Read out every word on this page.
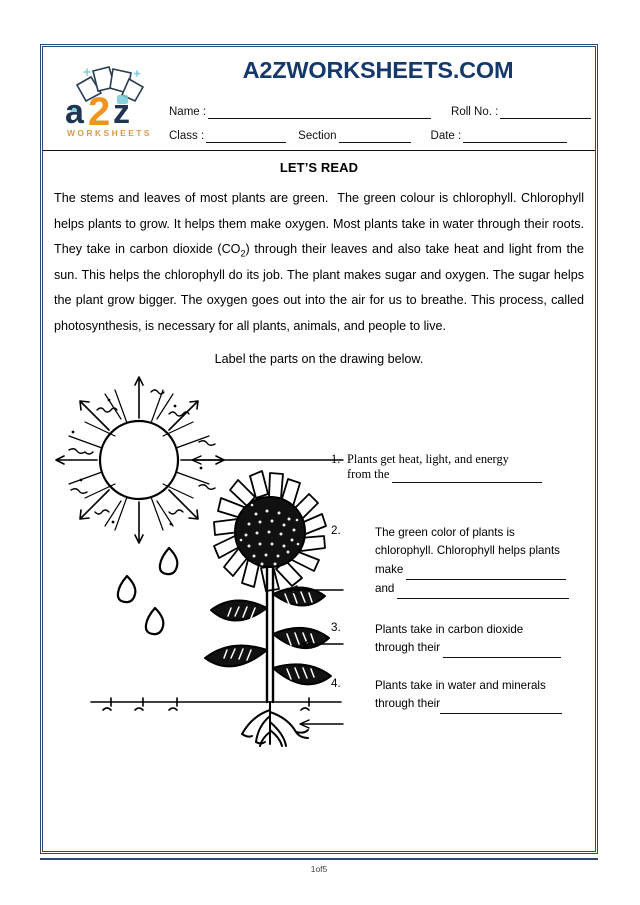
a 2 z
WORKSHEETS
A2ZWORKSHEETS.COM
Name :	Roll No. :
Class :	Section	Date :
LET’S READ
The stems and leaves of most plants are green.  The green colour is chlorophyll. Chlorophyll helps plants to grow. It helps them make oxygen. Most plants take in water through their roots. They take in carbon dioxide $(CO_2)$ through their leaves and also take heat and light from the sun. This helps the chlorophyll do its job. The plant makes sugar and oxygen. The sugar helps the plant grow bigger. The oxygen goes out into the air for us to breathe. This process, called photosynthesis, is necessary for all plants, animals, and people to live.
Label the parts on the drawing below.
1. Plants get heat, light, and energy
from the
2.	The green color of plants is
chlorophyll. Chlorophyll helps plants
make
and
3.	Plants take in carbon dioxide
through their
4.	Plants take in water and minerals
through their
1of5
